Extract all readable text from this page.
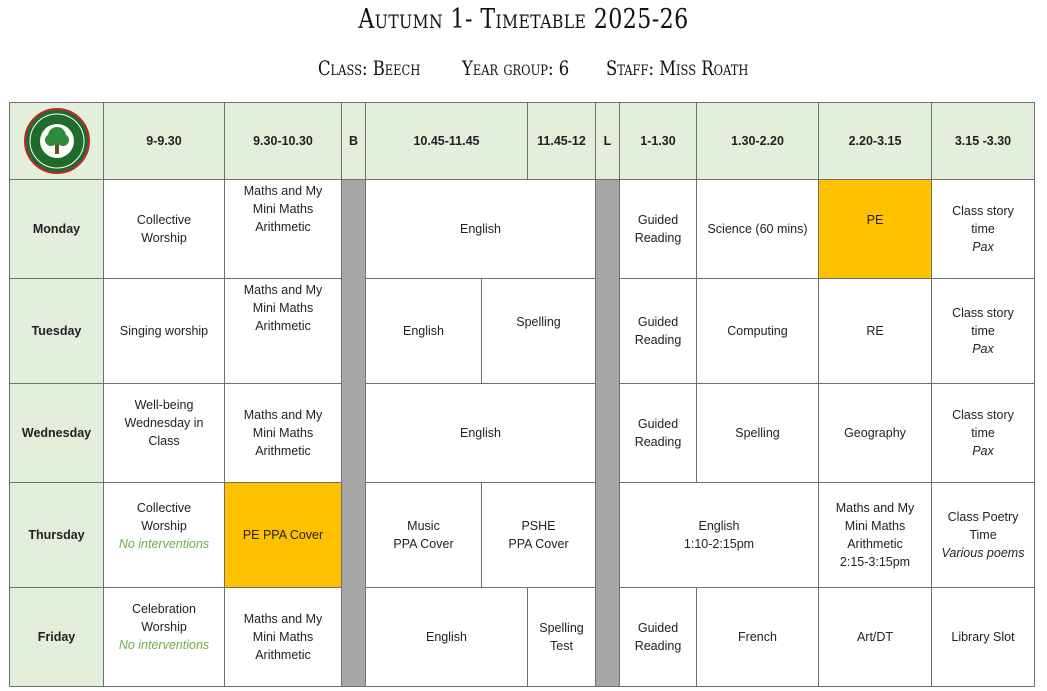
Autumn 1- Timetable 2025-26
Class: Beech Year group: 6 Staff: Miss Roath
	9-9.30	9.30-10.30	B	10.45-11.45		11.45-12	L	1-1.30	1.30-2.20	2.20-3.15	3.15 -3.30
Monday	Collective
Worship	Maths and My
Mini Maths
Arithmetic		English				Guided
Reading	Science (60 mins)	PE	Class story
time
Pax

Tuesday	Singing worship	Maths and My
Mini Maths
Arithmetic		English	Spelling			Guided
Reading	Computing	RE	Class story
time
Pax

Wednesday	Well-being
Wednesday in
Class	Maths and My
Mini Maths
Arithmetic		English				Guided
Reading	Spelling	Geography	Class story
time
Pax

Thursday	Collective
Worship
No interventions	PE PPA Cover		Music
PPA Cover	PSHE
PPA Cover			English
1:10-2:15pm		Maths and My
Mini Maths
Arithmetic
2:15-3:15pm	Class Poetry
Time
Various poems

Friday	Celebration
Worship
No interventions	Maths and My
Mini Maths
Arithmetic		English		Spelling
Test		Guided
Reading	French	Art/DT	Library Slot
